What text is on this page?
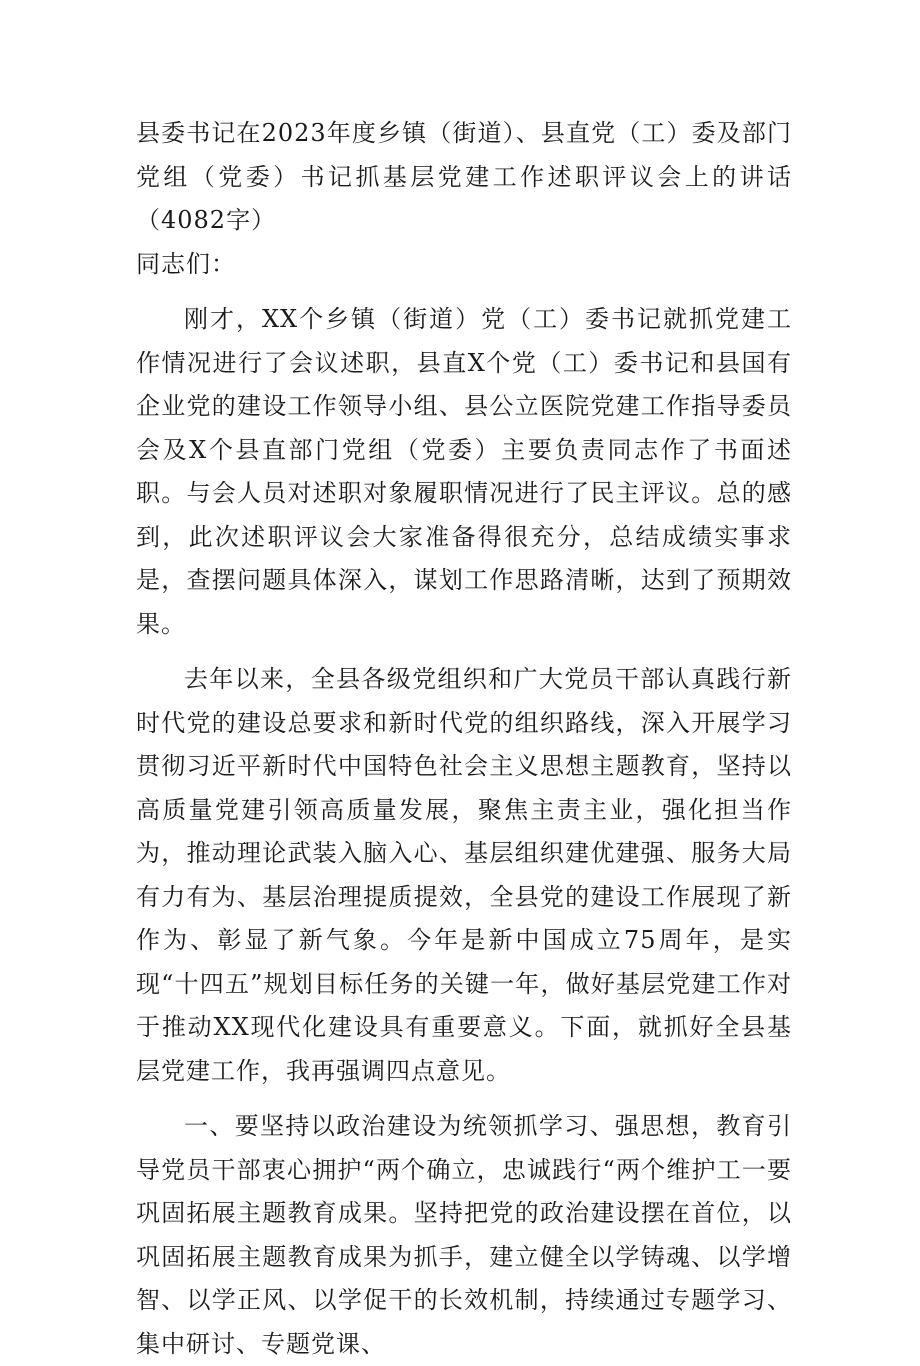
县委书记在2023年度乡镇（街道）、县直党（工）委及部门党组（党委）书记抓基层党建工作述职评议会上的讲话（4082字）

同志们：

刚才，XX个乡镇（街道）党（工）委书记就抓党建工作情况进行了会议述职，县直X个党（工）委书记和县国有企业党的建设工作领导小组、县公立医院党建工作指导委员会及X个县直部门党组（党委）主要负责同志作了书面述职。与会人员对述职对象履职情况进行了民主评议。总的感到，此次述职评议会大家准备得很充分，总结成绩实事求是，查摆问题具体深入，谋划工作思路清晰，达到了预期效果。

去年以来，全县各级党组织和广大党员干部认真践行新时代党的建设总要求和新时代党的组织路线，深入开展学习贯彻习近平新时代中国特色社会主义思想主题教育，坚持以高质量党建引领高质量发展，聚焦主责主业，强化担当作为，推动理论武装入脑入心、基层组织建优建强、服务大局有力有为、基层治理提质提效，全县党的建设工作展现了新作为、彰显了新气象。今年是新中国成立75周年，是实现“十四五”规划目标任务的关键一年，做好基层党建工作对于推动XX现代化建设具有重要意义。下面，就抓好全县基层党建工作，我再强调四点意见。

一、要坚持以政治建设为统领抓学习、强思想，教育引导党员干部衷心拥护“两个确立，忠诚践行“两个维护工一要巩固拓展主题教育成果。坚持把党的政治建设摆在首位，以巩固拓展主题教育成果为抓手，建立健全以学铸魂、以学增智、以学正风、以学促干的长效机制，持续通过专题学习、集中研讨、专题党课、
